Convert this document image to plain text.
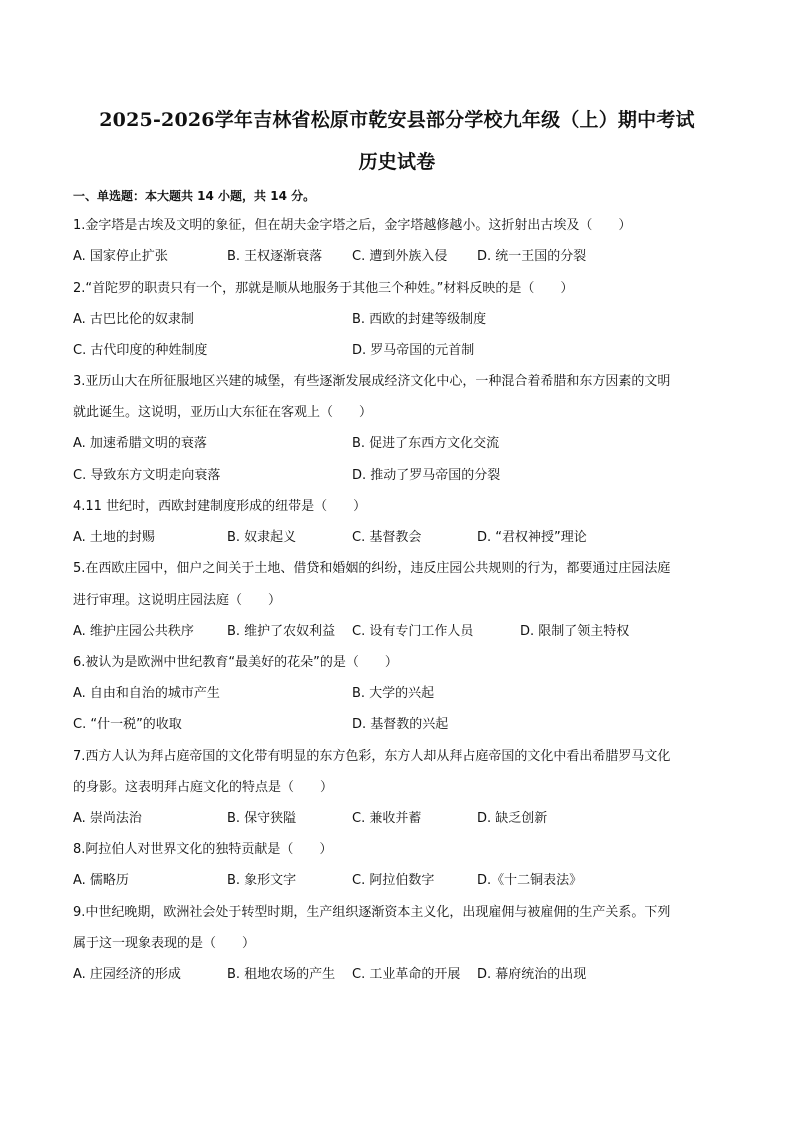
2025-2026学年吉林省松原市乾安县部分学校九年级（上）期中考试
历史试卷
一、单选题：本大题共 14 小题，共 14 分。
1.金字塔是古埃及文明的象征，但在胡夫金字塔之后，金字塔越修越小。这折射出古埃及（　　）
A. 国家停止扩张	B. 王权逐渐衰落 C. 遭到外族入侵 D. 统一王国的分裂
2.“首陀罗的职责只有一个，那就是顺从地服务于其他三个种姓。”材料反映的是（　　）
A. 古巴比伦的奴隶制	B. 西欧的封建等级制度
C. 古代印度的种姓制度	D. 罗马帝国的元首制
3.亚历山大在所征服地区兴建的城堡，有些逐渐发展成经济文化中心，一种混合着希腊和东方因素的文明
就此诞生。这说明，亚历山大东征在客观上（　　）
A. 加速希腊文明的衰落	B. 促进了东西方文化交流
C. 导致东方文明走向衰落	D. 推动了罗马帝国的分裂
4.11 世纪时，西欧封建制度形成的纽带是（　　）
A. 土地的封赐	B. 奴隶起义	C. 基督教会	D. “君权神授”理论
5.在西欧庄园中，佃户之间关于土地、借贷和婚姻的纠纷，违反庄园公共规则的行为，都要通过庄园法庭
进行审理。这说明庄园法庭（　　）
A. 维护庄园公共秩序	B. 维护了农奴利益 C. 设有专门工作人员	D. 限制了领主特权
6.被认为是欧洲中世纪教育“最美好的花朵”的是（　　）
A. 自由和自治的城市产生	B. 大学的兴起
C. “什一税”的收取	D. 基督教的兴起
7.西方人认为拜占庭帝国的文化带有明显的东方色彩，东方人却从拜占庭帝国的文化中看出希腊罗马文化
的身影。这表明拜占庭文化的特点是（　　）
A. 崇尚法治	B. 保守狭隘	C. 兼收并蓄	D. 缺乏创新
8.阿拉伯人对世界文化的独特贡献是（　　）
A. 儒略历	B. 象形文字	C. 阿拉伯数字	D.《十二铜表法》
9.中世纪晚期，欧洲社会处于转型时期，生产组织逐渐资本主义化，出现雇佣与被雇佣的生产关系。下列
属于这一现象表现的是（　　）
A. 庄园经济的形成	B. 租地农场的产生 C. 工业革命的开展 D. 幕府统治的出现
